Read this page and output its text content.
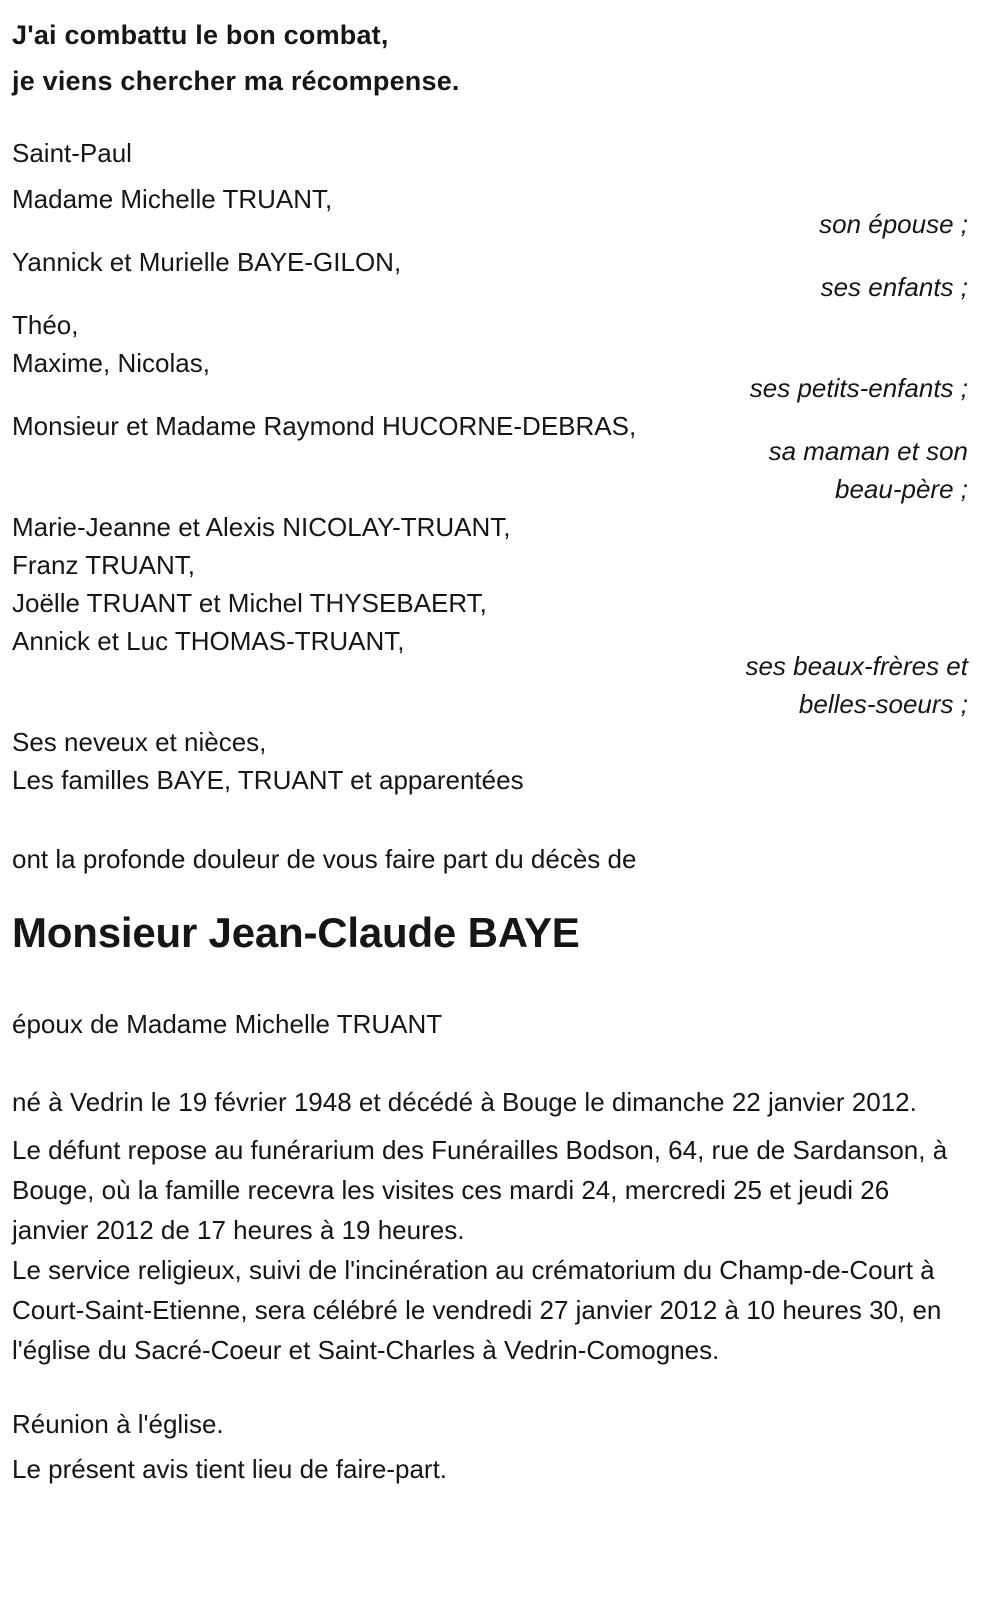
J'ai combattu le bon combat,
je viens chercher ma récompense.
Saint-Paul
Madame Michelle TRUANT,
son épouse ;
Yannick et Murielle BAYE-GILON,
ses enfants ;
Théo,
Maxime, Nicolas,
ses petits-enfants ;
Monsieur et Madame Raymond HUCORNE-DEBRAS,
sa maman et son
beau-père ;
Marie-Jeanne et Alexis NICOLAY-TRUANT,
Franz TRUANT,
Joëlle TRUANT et Michel THYSEBAERT,
Annick et Luc THOMAS-TRUANT,
ses beaux-frères et
belles-soeurs ;
Ses neveux et nièces,
Les familles BAYE, TRUANT et apparentées
ont la profonde douleur de vous faire part du décès de
Monsieur Jean-Claude BAYE
époux de Madame Michelle TRUANT

né à Vedrin le 19 février 1948 et décédé à Bouge le dimanche 22 janvier 2012.

Le défunt repose au funérarium des Funérailles Bodson, 64, rue de Sardanson, à Bouge, où la famille recevra les visites ces mardi 24, mercredi 25 et jeudi 26 janvier 2012 de 17 heures à 19 heures.

Le service religieux, suivi de l'incinération au crématorium du Champ-de-Court à Court-Saint-Etienne, sera célébré le vendredi 27 janvier 2012 à 10 heures 30, en l'église du Sacré-Coeur et Saint-Charles à Vedrin-Comognes.

Réunion à l'église.

Le présent avis tient lieu de faire-part.
